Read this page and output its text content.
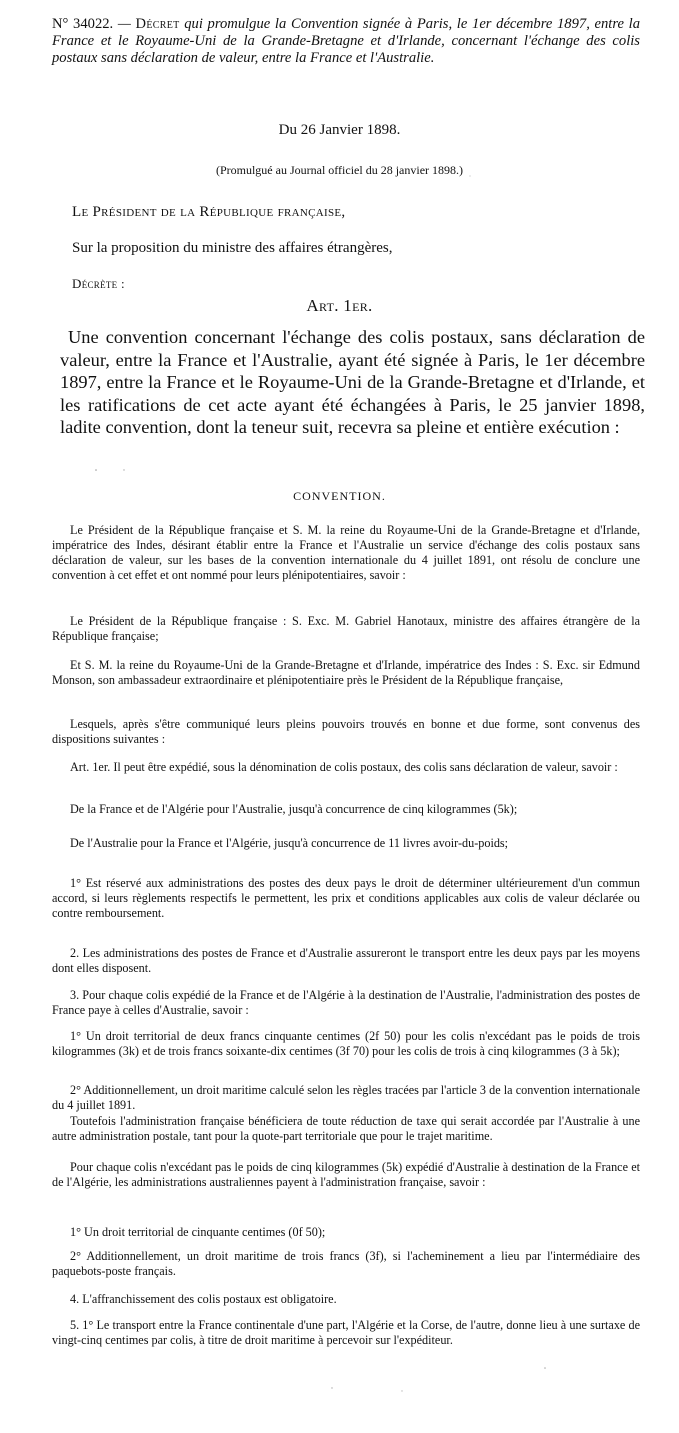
N° 34022. — Décret qui promulgue la Convention signée à Paris, le 1er décembre 1897, entre la France et le Royaume-Uni de la Grande-Bretagne et d'Irlande, concernant l'échange des colis postaux sans déclaration de valeur, entre la France et l'Australie.
Du 26 Janvier 1898.
(Promulgué au Journal officiel du 28 janvier 1898.)
Le Président de la République française,
Sur la proposition du ministre des affaires étrangères,
Décrète :
Art. 1er.

Une convention concernant l'échange des colis postaux, sans déclaration de valeur, entre la France et l'Australie, ayant été signée à Paris, le 1er décembre 1897, entre la France et le Royaume-Uni de la Grande-Bretagne et d'Irlande, et les ratifications de cet acte ayant été échangées à Paris, le 25 janvier 1898, ladite convention, dont la teneur suit, recevra sa pleine et entière exécution :

CONVENTION.

Le Président de la République française et S. M. la reine du Royaume-Uni de la Grande-Bretagne et d'Irlande, impératrice des Indes, désirant établir entre la France et l'Australie un service d'échange des colis postaux sans déclaration de valeur, sur les bases de la convention internationale du 4 juillet 1891, ont résolu de conclure une convention à cet effet et ont nommé pour leurs plénipotentiaires, savoir :

Le Président de la République française : S. Exc. M. Gabriel Hanotaux, ministre des affaires étrangère de la République française;

Et S. M. la reine du Royaume-Uni de la Grande-Bretagne et d'Irlande, impératrice des Indes : S. Exc. sir Edmund Monson, son ambassadeur extraordinaire et plénipotentiaire près le Président de la République française,

Lesquels, après s'être communiqué leurs pleins pouvoirs trouvés en bonne et due forme, sont convenus des dispositions suivantes :

Art. 1er. Il peut être expédié, sous la dénomination de colis postaux, des colis sans déclaration de valeur, savoir :

De la France et de l'Algérie pour l'Australie, jusqu'à concurrence de cinq kilogrammes (5k);

De l'Australie pour la France et l'Algérie, jusqu'à concurrence de 11 livres avoir-du-poids;

1° Est réservé aux administrations des postes des deux pays le droit de déterminer ultérieurement d'un commun accord, si leurs règlements respectifs le permettent, les prix et conditions applicables aux colis de valeur déclarée ou contre remboursement.

2. Les administrations des postes de France et d'Australie assureront le transport entre les deux pays par les moyens dont elles disposent.

3. Pour chaque colis expédié de la France et de l'Algérie à la destination de l'Australie, l'administration des postes de France paye à celles d'Australie, savoir :

1° Un droit territorial de deux francs cinquante centimes (2f 50) pour les colis n'excédant pas le poids de trois kilogrammes (3k) et de trois francs soixante-dix centimes (3f 70) pour les colis de trois à cinq kilogrammes (3 à 5k);

2° Additionnellement, un droit maritime calculé selon les règles tracées par l'article 3 de la convention internationale du 4 juillet 1891.

Toutefois l'administration française bénéficiera de toute réduction de taxe qui serait accordée par l'Australie à une autre administration postale, tant pour la quote-part territoriale que pour le trajet maritime.

Pour chaque colis n'excédant pas le poids de cinq kilogrammes (5k) expédié d'Australie à destination de la France et de l'Algérie, les administrations australiennes payent à l'administration française, savoir :

1° Un droit territorial de cinquante centimes (0f 50);

2° Additionnellement, un droit maritime de trois francs (3f), si l'acheminement a lieu par l'intermédiaire des paquebots-poste français.

4. L'affranchissement des colis postaux est obligatoire.

5. 1° Le transport entre la France continentale d'une part, l'Algérie et la Corse, de l'autre, donne lieu à une surtaxe de vingt-cinq centimes par colis, à titre de droit maritime à percevoir sur l'expéditeur.
